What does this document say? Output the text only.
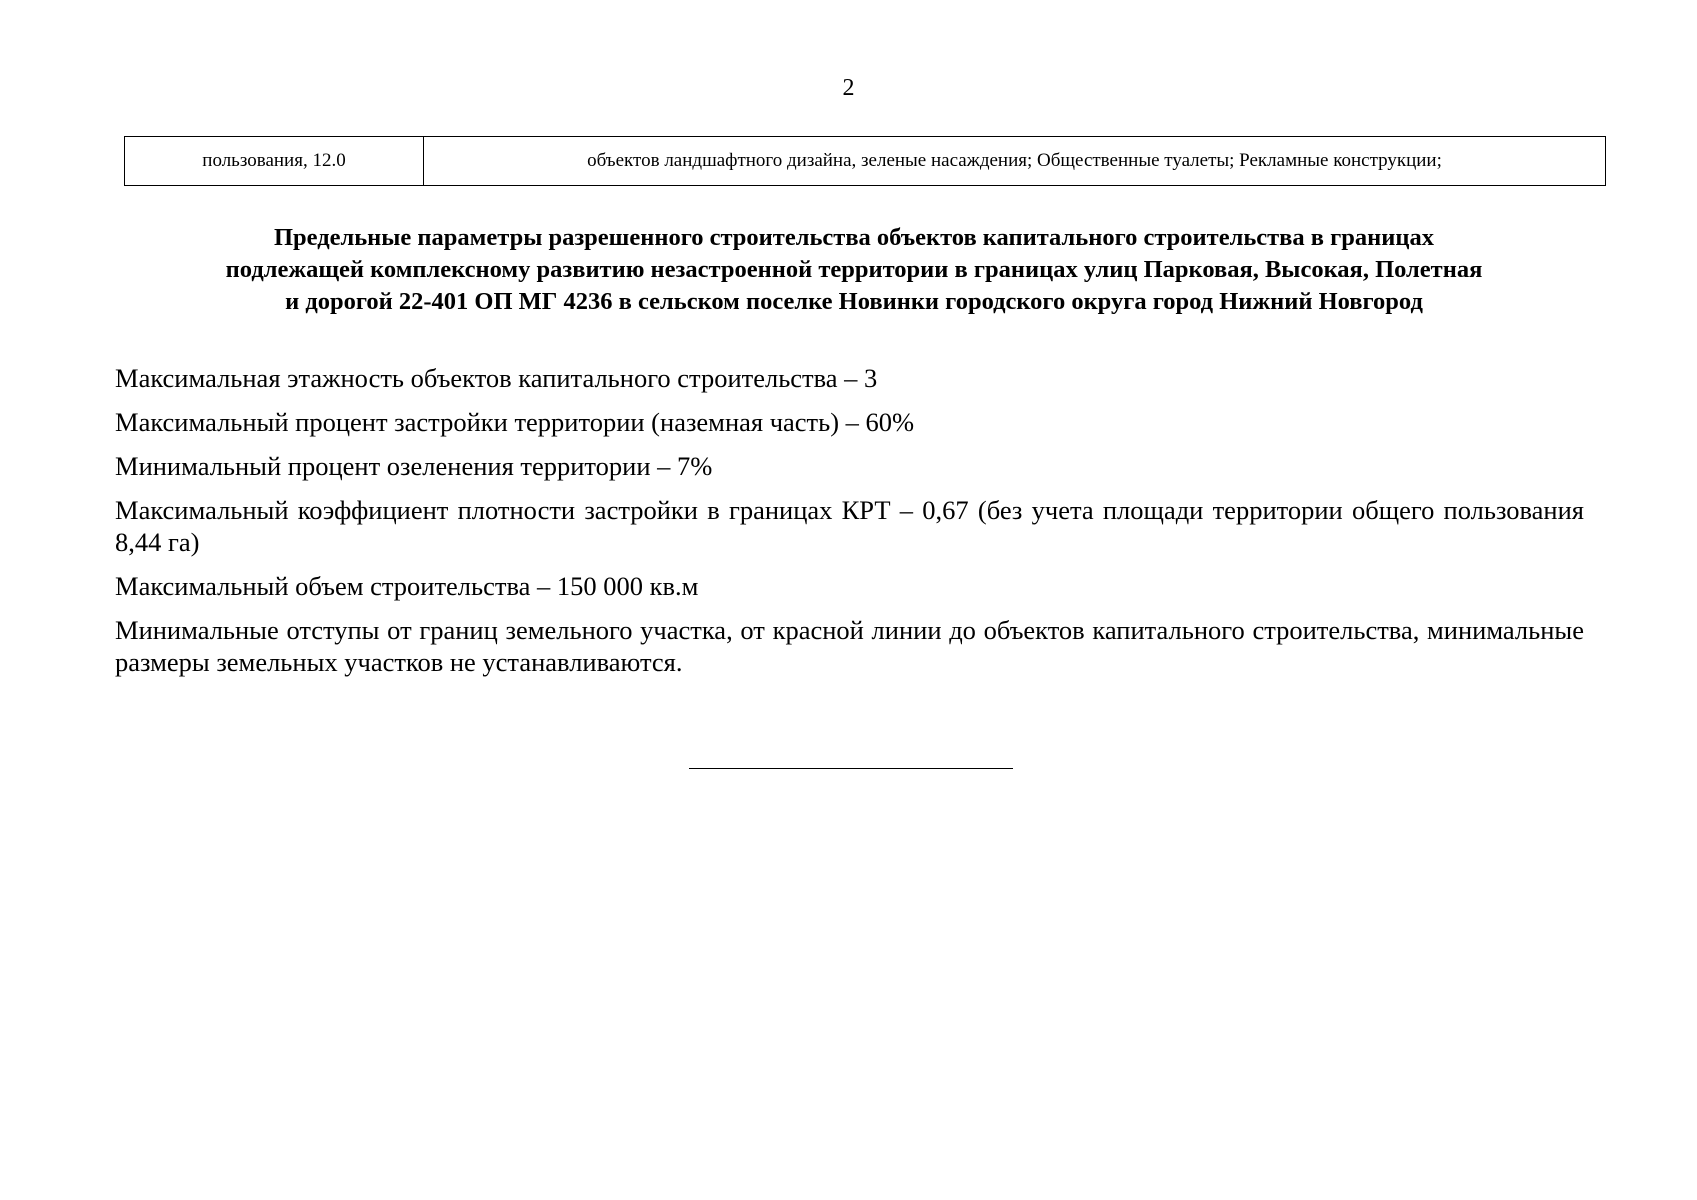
2
пользования, 12.0	объектов ландшафтного дизайна, зеленые насаждения; Общественные туалеты; Рекламные конструкции;
Предельные параметры разрешенного строительства объектов капитального строительства в границах
подлежащей комплексному развитию незастроенной территории в границах улиц Парковая, Высокая, Полетная
и дорогой 22-401 ОП МГ 4236 в сельском поселке Новинки городского округа город Нижний Новгород

Максимальная этажность объектов капитального строительства – 3

Максимальный процент застройки территории (наземная часть) – 60%

Минимальный процент озеленения территории – 7%

Максимальный коэффициент плотности застройки в границах КРТ – 0,67 (без учета площади территории общего пользования 8,44 га)

Максимальный объем строительства – 150 000 кв.м

Минимальные отступы от границ земельного участка, от красной линии до объектов капитального строительства, минимальные размеры земельных участков не устанавливаются.
